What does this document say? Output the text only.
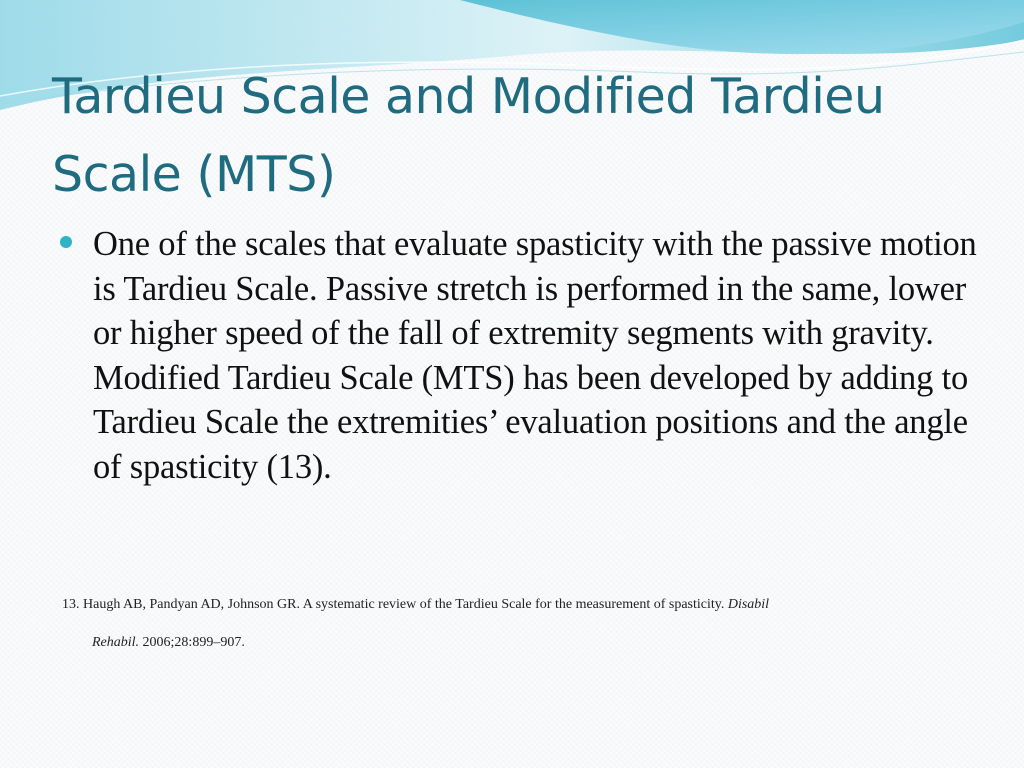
Tardieu Scale and Modified Tardieu Scale (MTS)

One of the scales that evaluate spasticity with the passive motion is Tardieu Scale. Passive stretch is performed in the same, lower or higher speed of the fall of extremity segments with gravity. Modified Tardieu Scale (MTS) has been developed by adding to Tardieu Scale the extremities’ evaluation positions and the angle of spasticity (13).

13. Haugh AB, Pandyan AD, Johnson GR. A systematic review of the Tardieu Scale for the measurement of spasticity. Disabil
Rehabil. 2006;28:899–907.
